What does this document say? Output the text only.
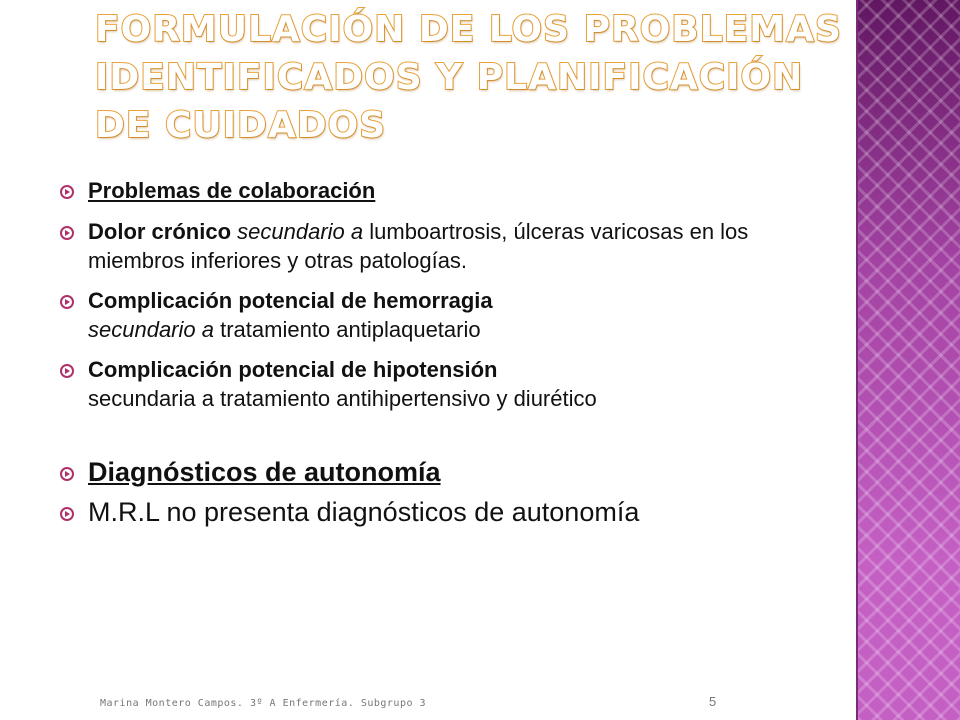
FORMULACIÓN DE LOS PROBLEMAS IDENTIFICADOS Y PLANIFICACIÓN DE CUIDADOS
Problemas de colaboración
Dolor crónico secundario a lumboartrosis, úlceras varicosas en los miembros inferiores y otras patologías.
Complicación potencial de hemorragia
secundario a tratamiento antiplaquetario
Complicación potencial de hipotensión
secundaria a tratamiento antihipertensivo y diurético
Diagnósticos de autonomía
M.R.L no presenta diagnósticos de autonomía
Marina Montero Campos. 3º A Enfermería. Subgrupo 3	5
